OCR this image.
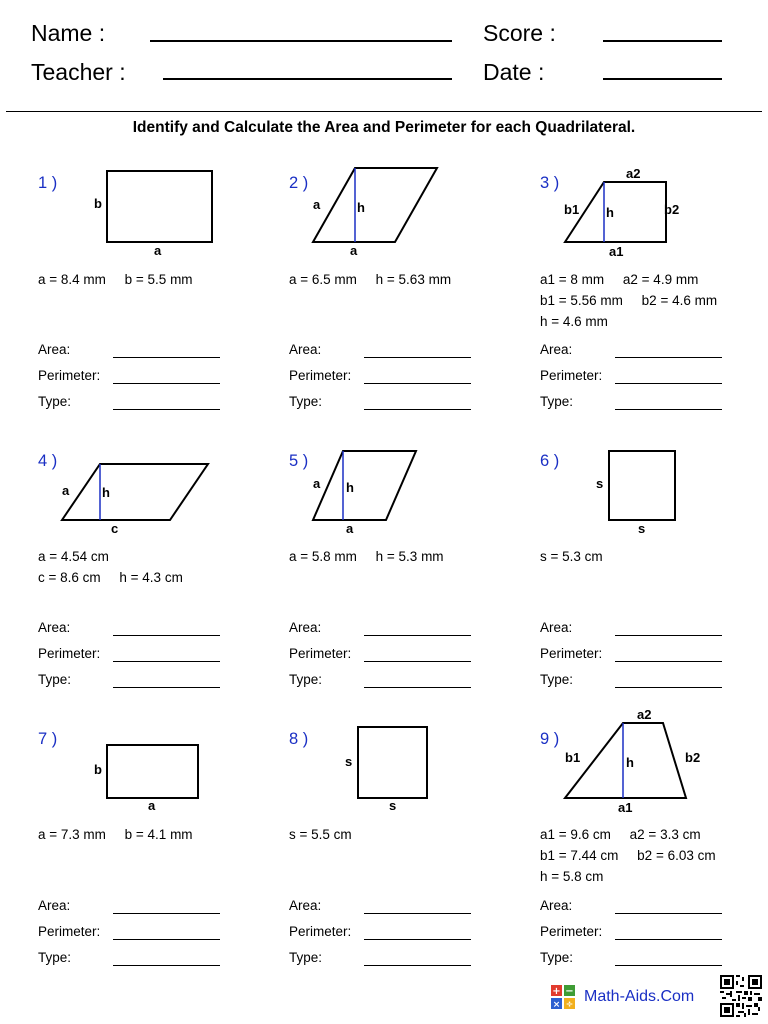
Name :
Teacher :
Score :
Date :
Identify and Calculate the Area and Perimeter for each Quadrilateral.
1 )	2 )	3 )
4 )	5 )	6 )
7 )	8 )	9 )
b
a
a	h
a
a2
b1 h	b2
a1
a	h
c
a h
a
s
s
b
a
s
s
a2
b1	h	b2
a1
a = 8.4 mm     b = 5.5 mm	a = 6.5 mm     h = 5.63 mm	a1 = 8 mm     a2 = 4.9 mm
b1 = 5.56 mm     b2 = 4.6 mm
h = 4.6 mm
a = 4.54 cm
c = 8.6 cm     h = 4.3 cm
a = 5.8 mm     h = 5.3 mm	s = 5.3 cm
a = 7.3 mm     b = 4.1 mm	s = 5.5 cm	a1 = 9.6 cm     a2 = 3.3 cm
b1 = 7.44 cm     b2 = 6.03 cm
h = 5.8 cm
Area:
Perimeter:
Type:
Area:
Perimeter:
Type:
Area:
Perimeter:
Type:
Area:
Perimeter:
Type:
Area:
Perimeter:
Type:
Area:
Perimeter:
Type:
Area:
Perimeter:
Type:
Area:
Perimeter:
Type:
Area:
Perimeter:
Type:
+ −
× ÷ Math-Aids.Com
